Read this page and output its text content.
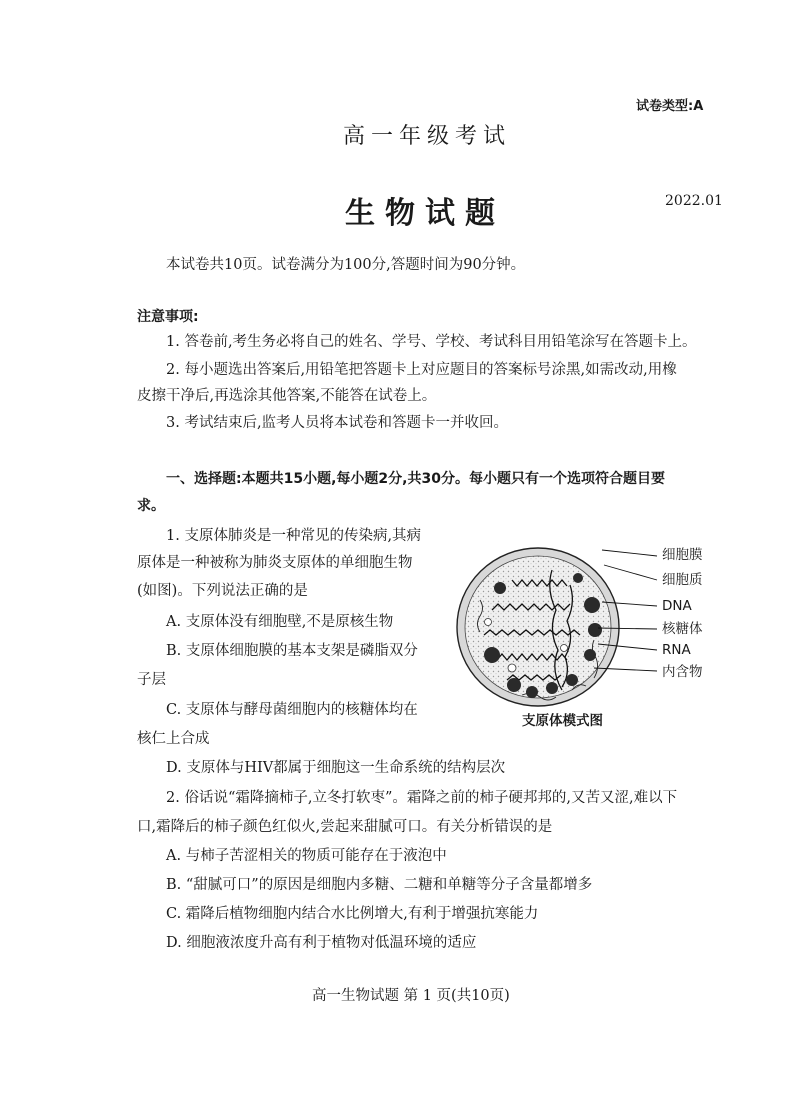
试卷类型:A
高一年级考试
生物试题	2022.01
本试卷共10页。试卷满分为100分,答题时间为90分钟。
注意事项:
1. 答卷前,考生务必将自己的姓名、学号、学校、考试科目用铅笔涂写在答题卡上。
2. 每小题选出答案后,用铅笔把答题卡上对应题目的答案标号涂黑,如需改动,用橡
皮擦干净后,再选涂其他答案,不能答在试卷上。
3. 考试结束后,监考人员将本试卷和答题卡一并收回。
一、选择题:本题共15小题,每小题2分,共30分。每小题只有一个选项符合题目要
求。
1. 支原体肺炎是一种常见的传染病,其病
原体是一种被称为肺炎支原体的单细胞生物
(如图)。下列说法正确的是
A. 支原体没有细胞壁,不是原核生物
B. 支原体细胞膜的基本支架是磷脂双分
子层
C. 支原体与酵母菌细胞内的核糖体均在
核仁上合成
D. 支原体与HIV都属于细胞这一生命系统的结构层次
细胞膜
细胞质
DNA
核糖体
RNA
内含物
支原体模式图
2. 俗话说“霜降摘柿子,立冬打软枣”。霜降之前的柿子硬邦邦的,又苦又涩,难以下
口,霜降后的柿子颜色红似火,尝起来甜腻可口。有关分析错误的是
A. 与柿子苦涩相关的物质可能存在于液泡中
B. “甜腻可口”的原因是细胞内多糖、二糖和单糖等分子含量都增多
C. 霜降后植物细胞内结合水比例增大,有利于增强抗寒能力
D. 细胞液浓度升高有利于植物对低温环境的适应
高一生物试题 第 1 页(共10页)
